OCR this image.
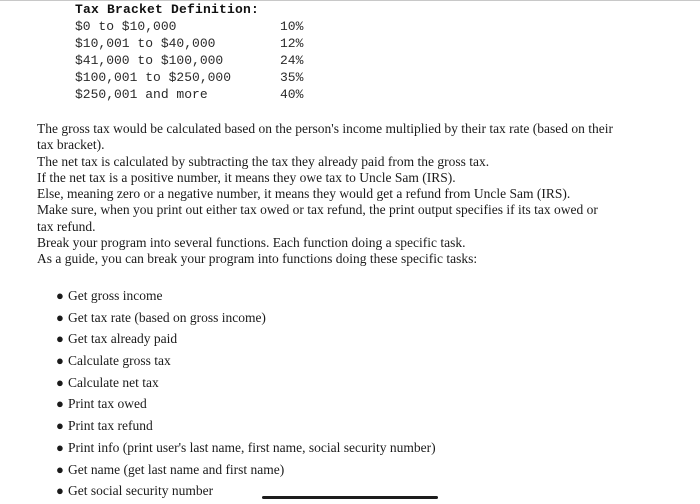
Tax Bracket Definition:
$0 to $10,000	10%
$10,001 to $40,000	12%
$41,000 to $100,000	24%
$100,001 to $250,000	35%
$250,001 and more	40%

The gross tax would be calculated based on the person's income multiplied by their tax rate (based on their tax bracket).

The net tax is calculated by subtracting the tax they already paid from the gross tax.

If the net tax is a positive number, it means they owe tax to Uncle Sam (IRS).

Else, meaning zero or a negative number, it means they would get a refund from Uncle Sam (IRS).

Make sure, when you print out either tax owed or tax refund, the print output specifies if its tax owed or tax refund.

Break your program into several functions. Each function doing a specific task.

As a guide, you can break your program into functions doing these specific tasks:

● Get gross income
● Get tax rate (based on gross income)
● Get tax already paid
● Calculate gross tax
● Calculate net tax
● Print tax owed
● Print tax refund
● Print info (print user's last name, first name, social security number)
● Get name (get last name and first name)
● Get social security number
